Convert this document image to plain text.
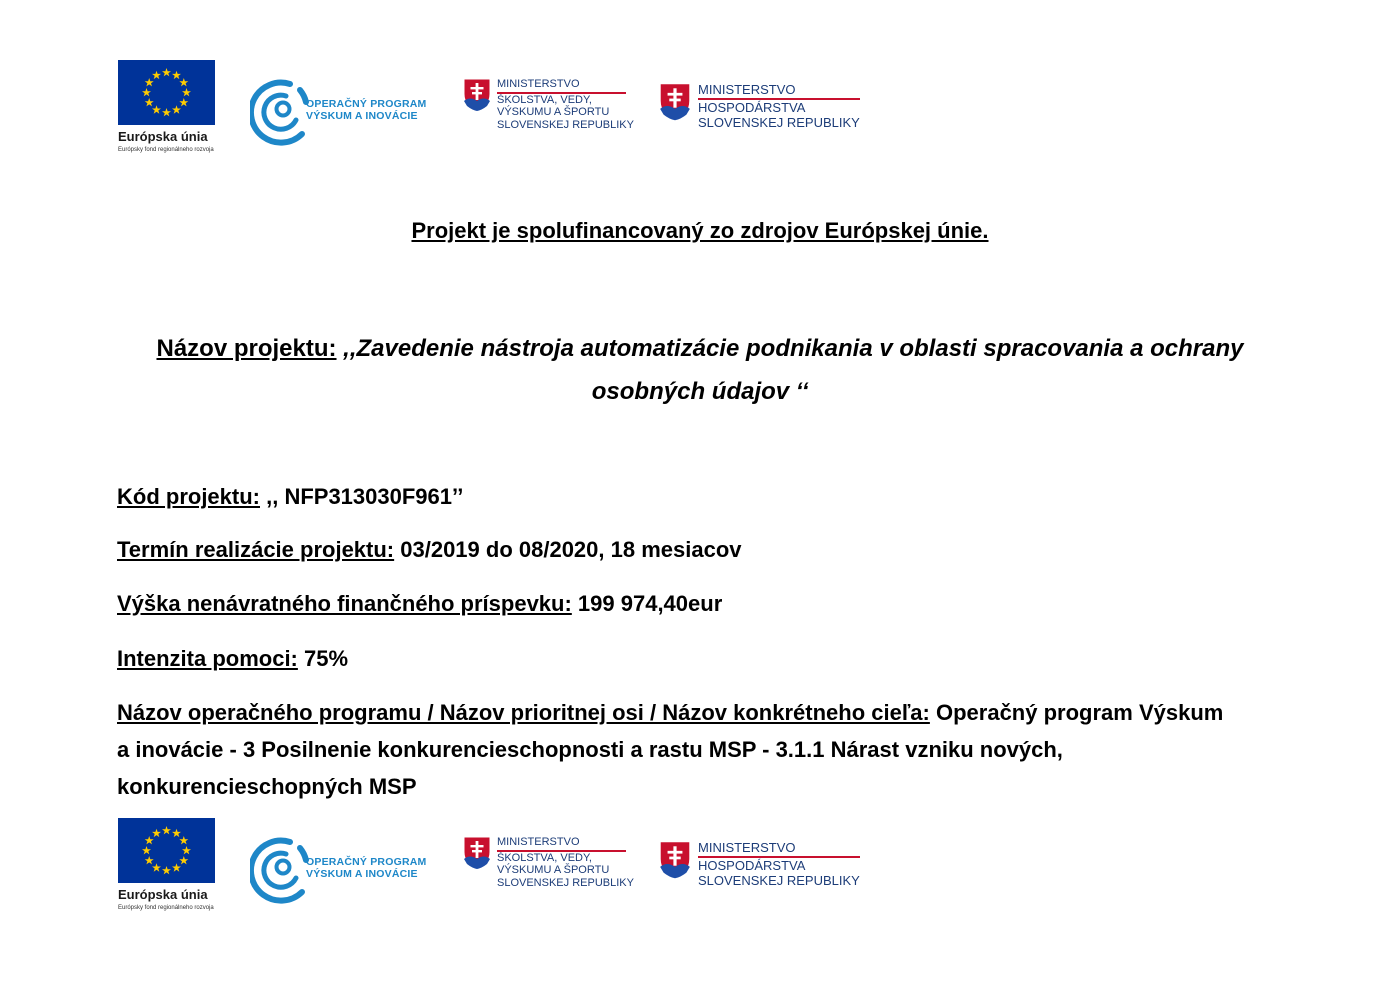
Európska únia
Európsky fond regionálneho rozvoja
OPERAČNÝ PROGRAM
VÝSKUM A INOVÁCIE
MINISTERSTVO
ŠKOLSTVA, VEDY,
VÝSKUMU A ŠPORTU
SLOVENSKEJ REPUBLIKY
MINISTERSTVO
HOSPODÁRSTVA
SLOVENSKEJ REPUBLIKY
Projekt je spolufinancovaný zo zdrojov Európskej únie.
Názov projektu: ,,Zavedenie nástroja automatizácie podnikania v oblasti spracovania a ochrany osobných údajov ‘‘
Kód projektu: ,, NFP313030F961’’
Termín realizácie projektu: 03/2019 do 08/2020, 18 mesiacov
Výška nenávratného finančného príspevku: 199 974,40eur
Intenzita pomoci: 75%
Názov operačného programu / Názov prioritnej osi / Názov konkrétneho cieľa: Operačný program Výskum a inovácie - 3 Posilnenie konkurencieschopnosti a rastu MSP - 3.1.1 Nárast vzniku nových, konkurencieschopných MSP
Európska únia
Európsky fond regionálneho rozvoja
OPERAČNÝ PROGRAM
VÝSKUM A INOVÁCIE
MINISTERSTVO
ŠKOLSTVA, VEDY,
VÝSKUMU A ŠPORTU
SLOVENSKEJ REPUBLIKY
MINISTERSTVO
HOSPODÁRSTVA
SLOVENSKEJ REPUBLIKY
